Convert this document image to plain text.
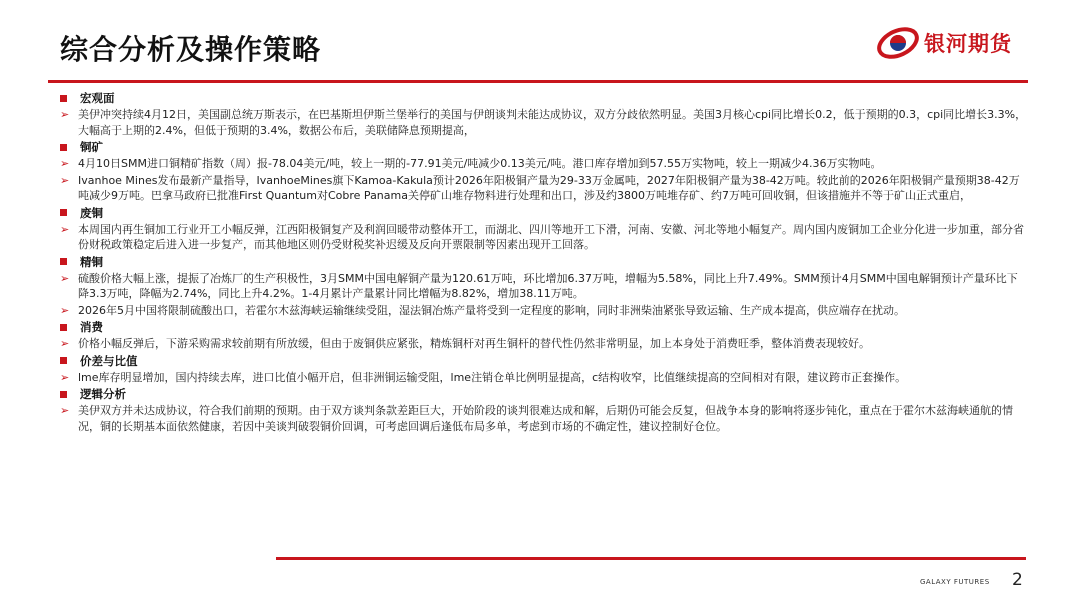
综合分析及操作策略	银河期货
宏观面
➢ 美伊冲突持续4月12日，美国副总统万斯表示，在巴基斯坦伊斯兰堡举行的美国与伊朗谈判未能达成协议，双方分歧依然明显。美国3月核心cpi同比增长0.2，低于预期的0.3，cpi同比增长3.3%，大幅高于上期的2.4%，但低于预期的3.4%，数据公布后，美联储降息预期提高，
铜矿
➢ 4月10日SMM进口铜精矿指数（周）报-78.04美元/吨，较上一期的-77.91美元/吨减少0.13美元/吨。港口库存增加到57.55万实物吨，较上一期减少4.36万实物吨。
➢ Ivanhoe Mines发布最新产量指导，IvanhoeMines旗下Kamoa-Kakula预计2026年阳极铜产量为29-33万金属吨，2027年阳极铜产量为38-42万吨。较此前的2026年阳极铜产量预期38-42万吨减少9万吨。巴拿马政府已批准First Quantum对Cobre Panama关停矿山堆存物料进行处理和出口，涉及约3800万吨堆存矿、约7万吨可回收铜，但该措施并不等于矿山正式重启，
废铜
➢ 本周国内再生铜加工行业开工小幅反弹，江西阳极铜复产及利润回暖带动整体开工，而湖北、四川等地开工下滑，河南、安徽、河北等地小幅复产。周内国内废铜加工企业分化进一步加重，部分省份财税政策稳定后进入进一步复产，而其他地区则仍受财税奖补迟缓及反向开票限制等因素出现开工回落。
精铜
➢ 硫酸价格大幅上涨，提振了冶炼厂的生产积极性，3月SMM中国电解铜产量为120.61万吨，环比增加6.37万吨，增幅为5.58%，同比上升7.49%。SMM预计4月SMM中国电解铜预计产量环比下降3.3万吨，降幅为2.74%，同比上升4.2%。1-4月累计产量累计同比增幅为8.82%，增加38.11万吨。
➢ 2026年5月中国将限制硫酸出口，若霍尔木兹海峡运输继续受阻，湿法铜冶炼产量将受到一定程度的影响，同时非洲柴油紧张导致运输、生产成本提高，供应端存在扰动。
消费
➢ 价格小幅反弹后，下游采购需求较前期有所放缓，但由于废铜供应紧张，精炼铜杆对再生铜杆的替代性仍然非常明显，加上本身处于消费旺季，整体消费表现较好。
价差与比值
➢ lme库存明显增加，国内持续去库，进口比值小幅开启，但非洲铜运输受阻，lme注销仓单比例明显提高，c结构收窄，比值继续提高的空间相对有限，建议跨市正套操作。
逻辑分析
➢ 美伊双方并未达成协议，符合我们前期的预期。由于双方谈判条款差距巨大，开始阶段的谈判很难达成和解，后期仍可能会反复，但战争本身的影响将逐步钝化，重点在于霍尔木兹海峡通航的情况，铜的长期基本面依然健康，若因中美谈判破裂铜价回调，可考虑回调后逢低布局多单，考虑到市场的不确定性，建议控制好仓位。
GALAXY FUTURES 2
